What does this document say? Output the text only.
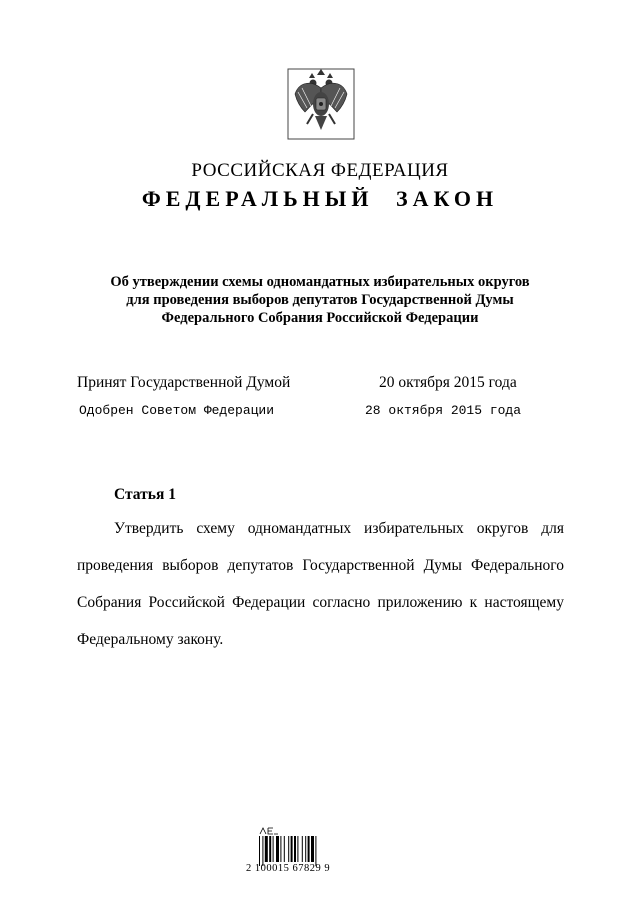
РОССИЙСКАЯ ФЕДЕРАЦИЯ
ФЕДЕРАЛЬНЫЙ ЗАКОН
Об утверждении схемы одномандатных избирательных округов
для проведения выборов депутатов Государственной Думы
Федерального Собрания Российской Федерации
Принят Государственной Думой	20 октября 2015 года
Одобрен Советом Федерации	28 октября 2015 года
Статья 1

Утвердить схему одномандатных избирательных округов для проведения выборов депутатов Государственной Думы Федерального Собрания Российской Федерации согласно приложению к настоящему Федеральному закону.

2 100015 67829 9
